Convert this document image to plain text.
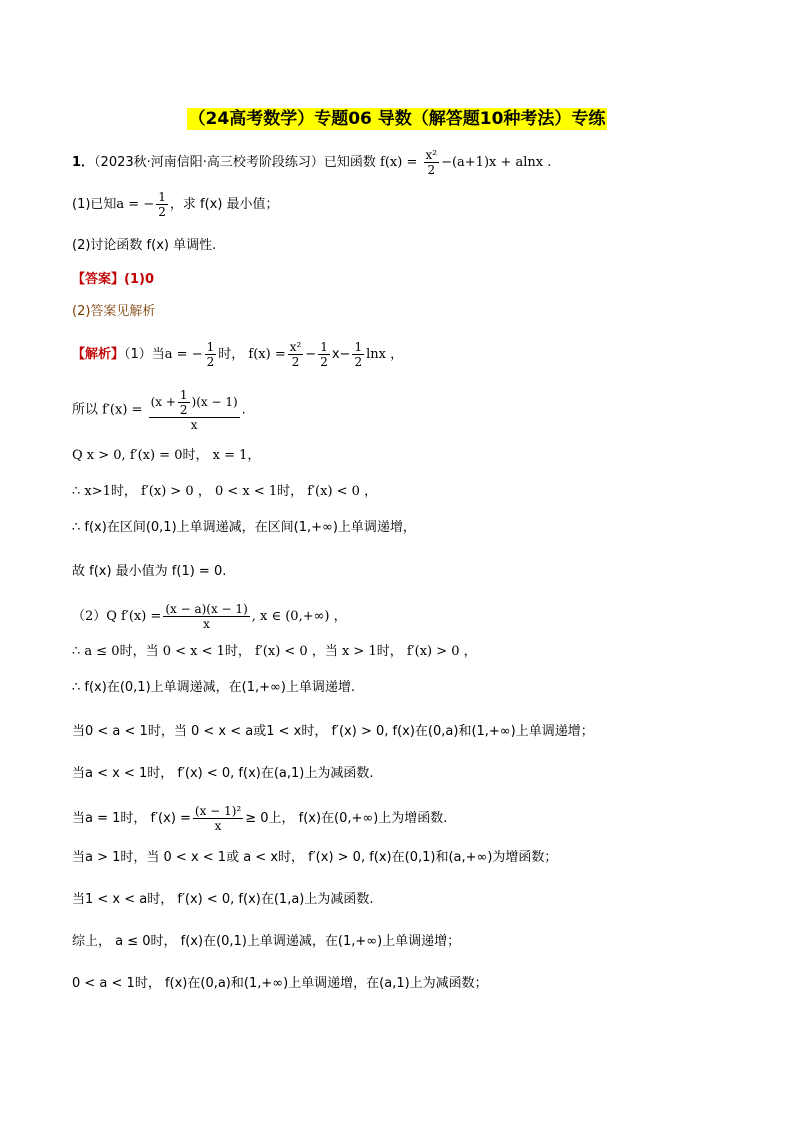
（24高考数学）专题06 导数（解答题10种考法）专练
1．（2023秋·河南信阳·高三校考阶段练习）已知函数 $f(x) = \frac{\text{x²}}{2} -(a+1)x + alnx$ .
(1)已知a = − $\frac{1}{2}$ ，求 f(x) 最小值；
(2)讨论函数 f(x) 单调性.
【答案】(1)0
(2)答案见解析
【解析】（1）当a = − $\frac{1}{2}$ 时， $f(x) = \frac{\text{x²}}{2} - \frac{1}{2} x- \frac{1}{2}$ lnx ，
所以 $f'(x) = \frac{(x + \frac{1}{2} )(x - 1)}{x}$ .
Q x > 0, f′(x) = 0时， x = 1，
∴ x>1时， f′(x) > 0 ， 0 < x < 1时， f′(x) < 0 ，
∴ f(x)在区间(0,1)上单调递减，在区间(1,+∞)上单调递增，
故 f(x) 最小值为 f(1) = 0.
（2）Q $f'(x) = \frac{(x - a)(x - 1)}{x}$ , x ∈ (0,+∞) ，
∴ a ≤ 0时，当 0 < x < 1时， f′(x) < 0 ，当 x > 1时， f′(x) > 0 ，
∴ f(x)在(0,1)上单调递减，在(1,+∞)上单调递增.
当0 < a < 1时，当 0 < x < a或1 < x时， f′(x) > 0, f(x)在(0,a)和(1,+∞)上单调递增；
当a < x < 1时， f′(x) < 0, f(x)在(a,1)上为减函数.
当a = 1时， $f'(x) = \frac{\text{(x − 1)²}}{x} \ge 0$上， f(x)在(0,+∞)上为增函数.
当a > 1时，当 0 < x < 1或 a < x时， f′(x) > 0, f(x)在(0,1)和(a,+∞)为增函数；
当1 < x < a时， f′(x) < 0, f(x)在(1,a)上为减函数.
综上， a ≤ 0时， f(x)在(0,1)上单调递减，在(1,+∞)上单调递增；
0 < a < 1时， f(x)在(0,a)和(1,+∞)上单调递增，在(a,1)上为减函数；
